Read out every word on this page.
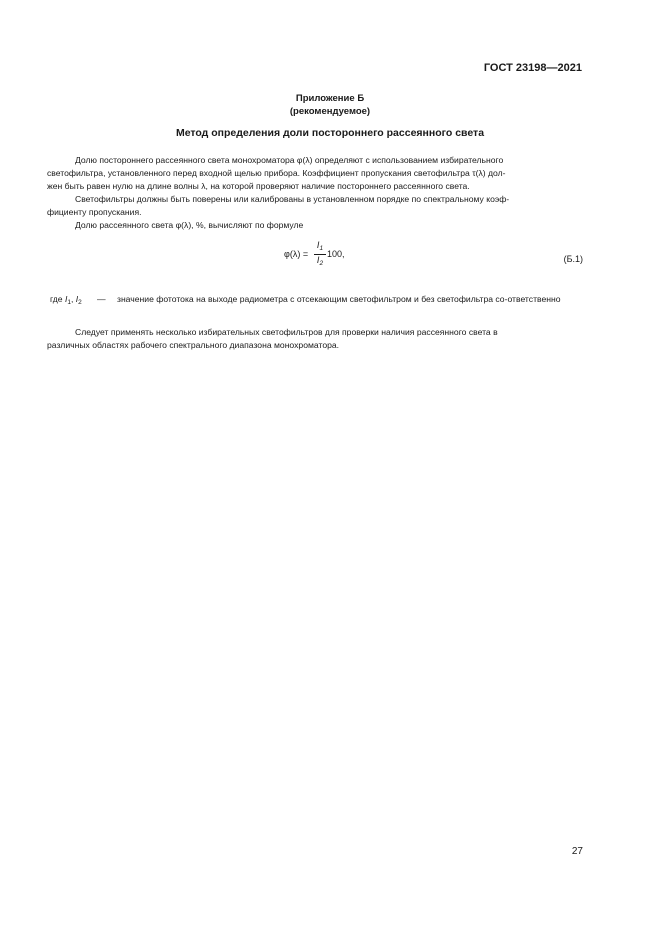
ГОСТ 23198—2021
Приложение Б
(рекомендуемое)
Метод определения доли постороннего рассеянного света

Долю постороннего рассеянного света монохроматора φ(λ) определяют с использованием избирательного

светофильтра, установленного перед входной щелью прибора. Коэффициент пропускания светофильтра τ(λ) дол-

жен быть равен нулю на длине волны λ, на которой проверяют наличие постороннего рассеянного света.

Светофильтры должны быть поверены или калиброваны в установленном порядке по спектральному коэф-

фициенту пропускания.

Долю рассеянного света φ(λ), %, вычисляют по формуле

φ(λ) =
$I_1$
$I_2$
100,	(Б.1)
где $I_1$, $I_2$ — значение фототока на выходе радиометра с отсекающим светофильтром и без светофильтра со-ответственно

Следует применять несколько избирательных светофильтров для проверки наличия рассеянного света в

различных областях рабочего спектрального диапазона монохроматора.

27
